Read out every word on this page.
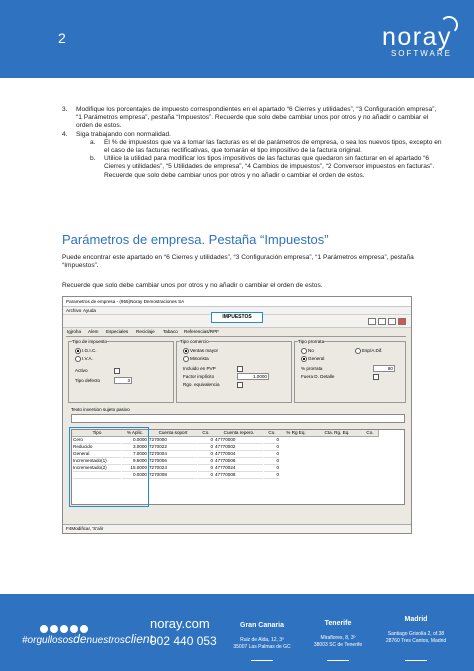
2	noray
SOFTWARE
3. Modifique los porcentajes de impuesto correspondientes en el apartado “6 Cierres y utilidades”, “3 Configuración empresa”, “1 Parámetros empresa”, pestaña “Impuestos”. Recuerde que solo debe cambiar unos por otros y no añadir o cambiar el orden de estos.
4. Siga trabajando con normalidad.
a. El % de impuestos que va a tomar las facturas es el de parámetros de empresa, o sea los nuevos tipos, excepto en el caso de las facturas rectificativas, que tomarán el tipo impositivo de la factura original.
b. Utilice la utilidad para modificar los tipos impositivos de las facturas que quedaron sin facturar en el apartado “6 Cierres y utilidades”, “5 Utilidades de empresa”, “4 Cambios de impuestos”, “2 Conversor impuestos en facturas”. Recuerde que solo debe cambiar unos por otros y no añadir o cambiar el orden de estos.
Parámetros de empresa. Pestaña “Impuestos”
Puede encontrar este apartado en “6 Cierres y utilidades”, “3 Configuración empresa”, “1 Parámetros empresa”, pestaña “Impuestos”.
Recuerde que solo debe cambiar unos por otros y no añadir o cambiar el orden de estos.
Parametros de empresa - (955)Noray Demostraciones SA
Archivo Ayuda
IMPUESTOS
Igjroha Alem Especiales Reciclaje Tabaco Referencias/RPF
Tipo de impuesto
I.G.I.C.
I.V.A.
Activo
Tipo defecto	3
Tipo comercio
Ventas mayor
Minorista
Incluido en PVP
Factor implícito	1.0000
Rgo. equivalencia
Tipo prorrata
No
General
Esp/A.Dif.
% prorrata	80
Fuera D. Detalle
Texto inversion sujeto pasivo
Tipo	% Aplic.	Cuenta soport	Co.	Cuenta repero.	Co.	% Rg Eq.	Cta. Rg. Eq.	Co.
Cero	0.0000 7270000	0 47770000	0
Reducido	3.0000 7270022	0 47770002	0
General	7.0000 7270004	0 47770004	0
Incrementado(1)	9.5000 7270006	0 47770006	0
Incrementado(2)	15.0000 7270024	0 47770024	0
0.0000 7270008	0 47770008	0
F4Modificar, 'S'alir
#orgullososdenuestrosclient
noray.com
902 440 053
Gran Canaria
Ruiz de Alda, 12, 3º
35007 Las Palmas de GC
Tenerife
Miraflores, 8, 3º
38003 SC de Tenerife
Madrid
Santiago Grisolía 2, of.38
28760 Tres Cantos, Madrid
